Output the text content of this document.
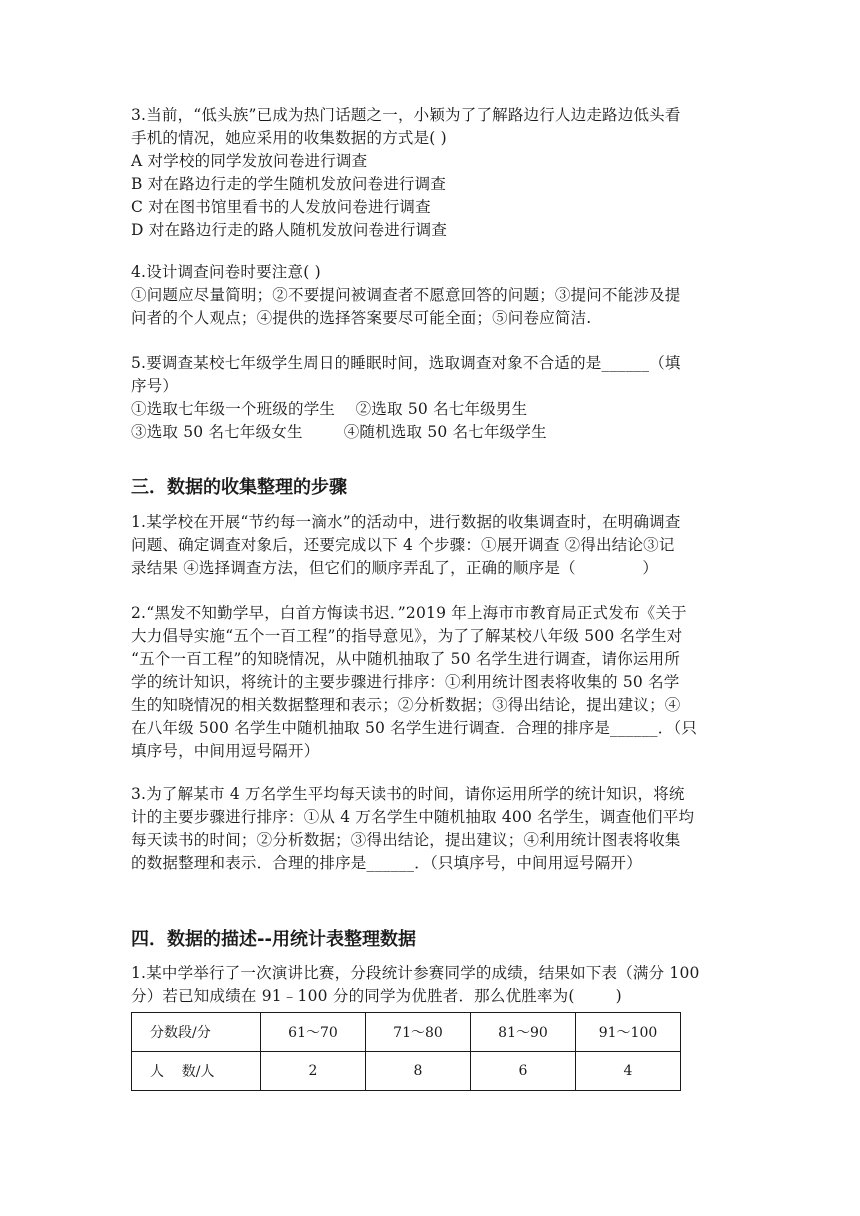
3.当前，“低头族”已成为热门话题之一，小颖为了了解路边行人边走路边低头看
手机的情况，她应采用的收集数据的方式是( )
A 对学校的同学发放问卷进行调查
B 对在路边行走的学生随机发放问卷进行调查
C 对在图书馆里看书的人发放问卷进行调查
D 对在路边行走的路人随机发放问卷进行调查
4.设计调查问卷时要注意( )
①问题应尽量简明；②不要提问被调查者不愿意回答的问题；③提问不能涉及提
问者的个人观点；④提供的选择答案要尽可能全面；⑤问卷应简洁.
5.要调查某校七年级学生周日的睡眠时间，选取调查对象不合适的是______（填
序号）
①选取七年级一个班级的学生    ②选取 50 名七年级男生
③选取 50 名七年级女生        ④随机选取 50 名七年级学生
三．数据的收集整理的步骤
1.某学校在开展“节约每一滴水”的活动中，进行数据的收集调查时，在明确调查
问题、确定调查对象后，还要完成以下 4 个步骤：①展开调查 ②得出结论③记
录结果 ④选择调查方法，但它们的顺序弄乱了，正确的顺序是（             ）
2.“黑发不知勤学早，白首方悔读书迟．”2019 年上海市市教育局正式发布《关于
大力倡导实施“五个一百工程”的指导意见》，为了了解某校八年级 500 名学生对
“五个一百工程”的知晓情况，从中随机抽取了 50 名学生进行调查，请你运用所
学的统计知识，将统计的主要步骤进行排序：①利用统计图表将收集的 50 名学
生的知晓情况的相关数据整理和表示；②分析数据；③得出结论，提出建议；④
在八年级 500 名学生中随机抽取 50 名学生进行调查．合理的排序是______．（只
填序号，中间用逗号隔开）
3.为了解某市 4 万名学生平均每天读书的时间，请你运用所学的统计知识，将统
计的主要步骤进行排序：①从 4 万名学生中随机抽取 400 名学生，调查他们平均
每天读书的时间；②分析数据；③得出结论，提出建议；④利用统计图表将收集
的数据整理和表示．合理的排序是______．（只填序号，中间用逗号隔开）
四．数据的描述--用统计表整理数据
1.某中学举行了一次演讲比赛，分段统计参赛同学的成绩，结果如下表（满分 100
分）若已知成绩在 91﹣100 分的同学为优胜者．那么优胜率为(        )
分数段/分	61～70	71～80	81～90	91～100
人    数/人	2	8	6	4
